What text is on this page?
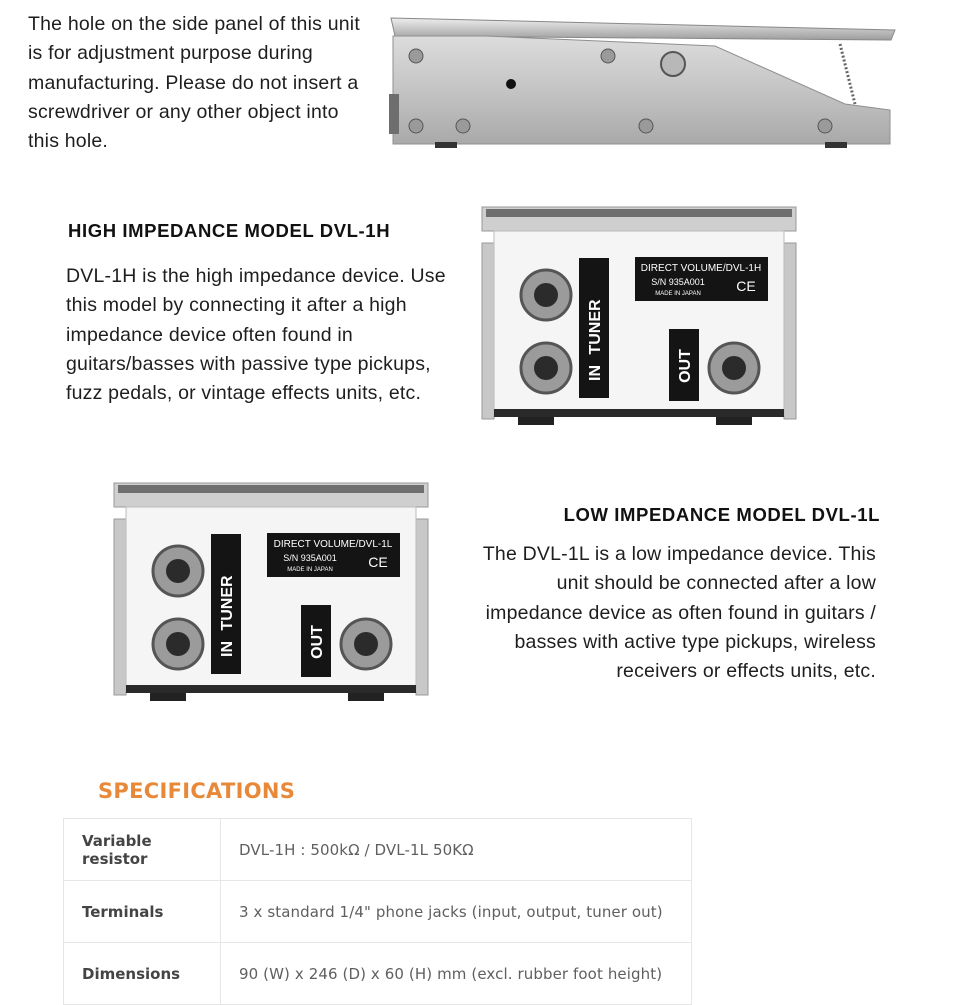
The hole on the side panel of this unit is for adjustment purpose during manufacturing. Please do not insert a screwdriver or any other object into this hole.

HIGH IMPEDANCE MODEL DVL-1H

DVL-1H is the high impedance device. Use this model by connecting it after a high impedance device often found in guitars/basses with passive type pickups, fuzz pedals, or vintage effects units, etc.

TUNER
IN	OUT
DIRECT VOLUME/DVL-1H
S/N 935A001
MADE IN JAPAN	CE
TUNER
IN	OUT
DIRECT VOLUME/DVL-1L
S/N 935A001
MADE IN JAPAN	CE
LOW IMPEDANCE MODEL DVL-1L

The DVL-1L is a low impedance device. This unit should be connected after a low impedance device as often found in guitars / basses with active type pickups, wireless receivers or effects units, etc.

SPECIFICATIONS
Variable resistor	DVL-1H : 500kΩ / DVL-1L 50KΩ
Terminals	3 x standard 1/4" phone jacks (input, output, tuner out)
Dimensions	90 (W) x 246 (D) x 60 (H) mm (excl. rubber foot height)
